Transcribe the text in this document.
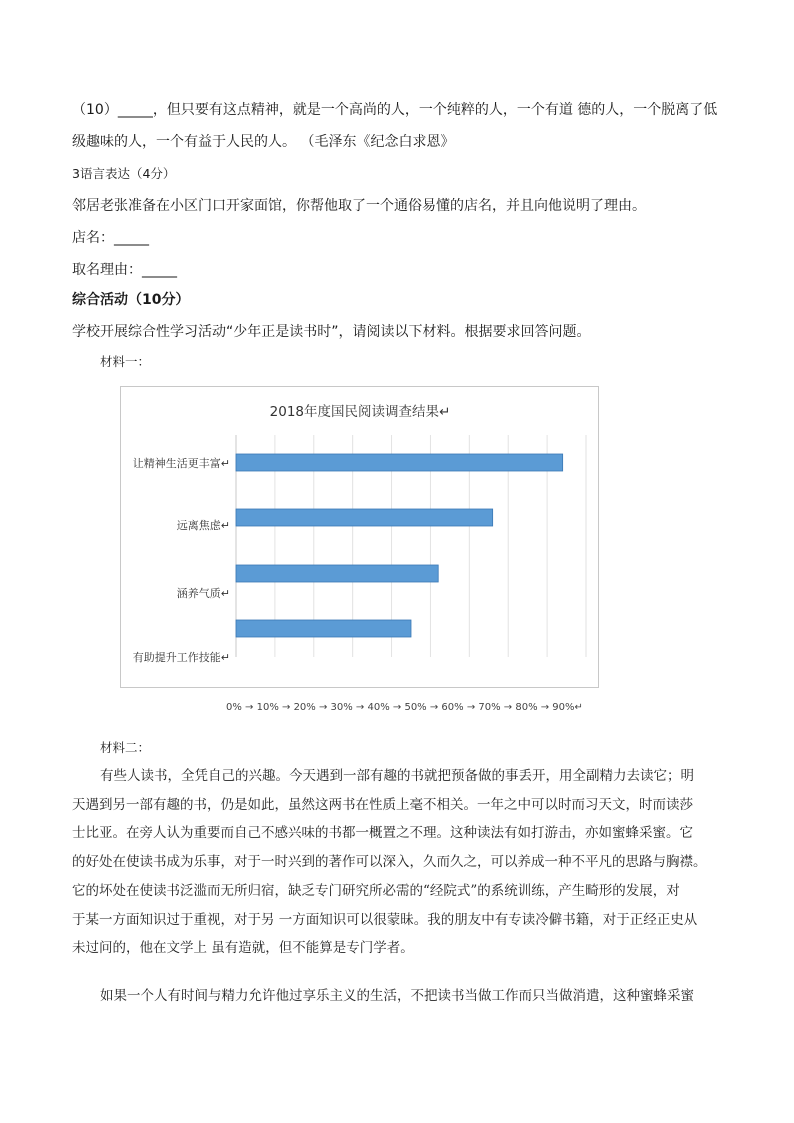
（10）_____，但只要有这点精神，就是一个高尚的人，一个纯粹的人，一个有道 德的人，一个脱离了低
级趣味的人，一个有益于人民的人。 （毛泽东《纪念白求恩》
3语言表达（4分）
邻居老张准备在小区门口开家面馆，你帮他取了一个通俗易懂的店名，并且向他说明了理由。
店名：_____
取名理由：_____
综合活动（10分）
学校开展综合性学习活动“少年正是读书时”，请阅读以下材料。根据要求回答问题。
材料一：
2018年度国民阅读调查结果↵
让精神生活更丰富↵
远离焦虑↵
涵养气质↵
有助提升工作技能↵
0% → 10% → 20% → 30% → 40% → 50% → 60% → 70% → 80% → 90%↵
材料二：
有些人读书，全凭自己的兴趣。今天遇到一部有趣的书就把预备做的事丢开，用全副精力去读它；明
天遇到另一部有趣的书，仍是如此，虽然这两书在性质上毫不相关。一年之中可以时而习天文，时而读莎
士比亚。在旁人认为重要而自己不感兴味的书都一概置之不理。这种读法有如打游击，亦如蜜蜂采蜜。它
的好处在使读书成为乐事，对于一时兴到的著作可以深入，久而久之，可以养成一种不平凡的思路与胸襟。
它的坏处在使读书泛滥而无所归宿，缺乏专门研究所必需的“经院式”的系统训练，产生畸形的发展，对
于某一方面知识过于重视，对于另 一方面知识可以很蒙昧。我的朋友中有专读冷僻书籍，对于正经正史从
未过问的，他在文学上 虽有造就，但不能算是专门学者。
如果一个人有时间与精力允许他过享乐主义的生活，不把读书当做工作而只当做消遣，这种蜜蜂采蜜
